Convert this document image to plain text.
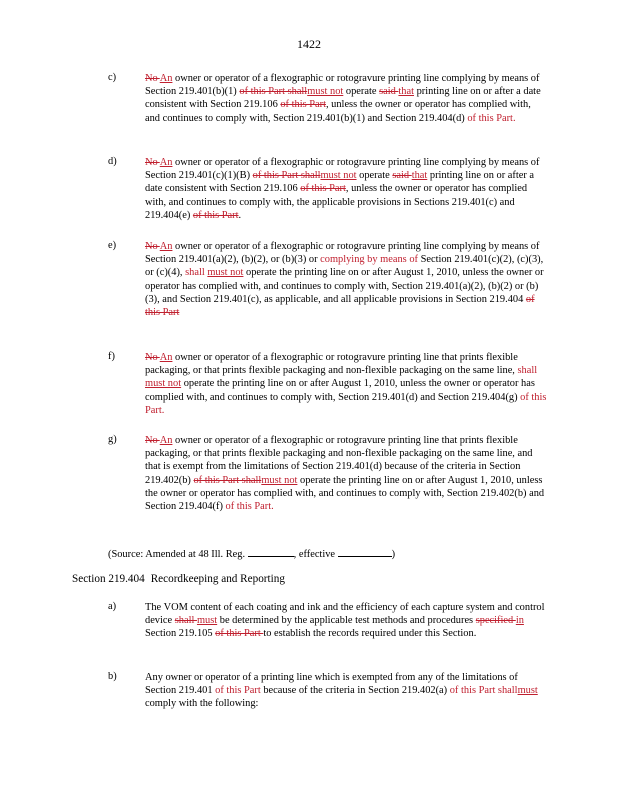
1422
c)	No An owner or operator of a flexographic or rotogravure printing line complying by means of Section 219.401(b)(1) of this Part shallmust not operate said that printing line on or after a date consistent with Section 219.106 of this Part, unless the owner or operator has complied with, and continues to comply with, Section 219.401(b)(1) and Section 219.404(d) of this Part.
d)	No An owner or operator of a flexographic or rotogravure printing line complying by means of Section 219.401(c)(1)(B) of this Part shallmust not operate said that printing line on or after a date consistent with Section 219.106 of this Part, unless the owner or operator has complied with, and continues to comply with, the applicable provisions in Sections 219.401(c) and 219.404(e) of this Part.
e)	No An owner or operator of a flexographic or rotogravure printing line complying by means of Section 219.401(a)(2), (b)(2), or (b)(3) or complying by means of Section 219.401(c)(2), (c)(3), or (c)(4), shall must not operate the printing line on or after August 1, 2010, unless the owner or operator has complied with, and continues to comply with, Section 219.401(a)(2), (b)(2) or (b)(3), and Section 219.401(c), as applicable, and all applicable provisions in Section 219.404 of this Part
f)	No An owner or operator of a flexographic or rotogravure printing line that prints flexible packaging, or that prints flexible packaging and non-flexible packaging on the same line, shall must not operate the printing line on or after August 1, 2010, unless the owner or operator has complied with, and continues to comply with, Section 219.401(d) and Section 219.404(g) of this Part.
g)	No An owner or operator of a flexographic or rotogravure printing line that prints flexible packaging, or that prints flexible packaging and non-flexible packaging on the same line, and that is exempt from the limitations of Section 219.401(d) because of the criteria in Section 219.402(b) of this Part shallmust not operate the printing line on or after August 1, 2010, unless the owner or operator has complied with, and continues to comply with, Section 219.402(b) and Section 219.404(f) of this Part.
(Source: Amended at 48 Ill. Reg.	, effective	)
Section 219.404 Recordkeeping and Reporting
a)	The VOM content of each coating and ink and the efficiency of each capture system and control device shall must be determined by the applicable test methods and procedures specified in Section 219.105 of this Part to establish the records required under this Section.
b)	Any owner or operator of a printing line which is exempted from any of the limitations of Section 219.401 of this Part because of the criteria in Section 219.402(a) of this Part shallmust comply with the following:
